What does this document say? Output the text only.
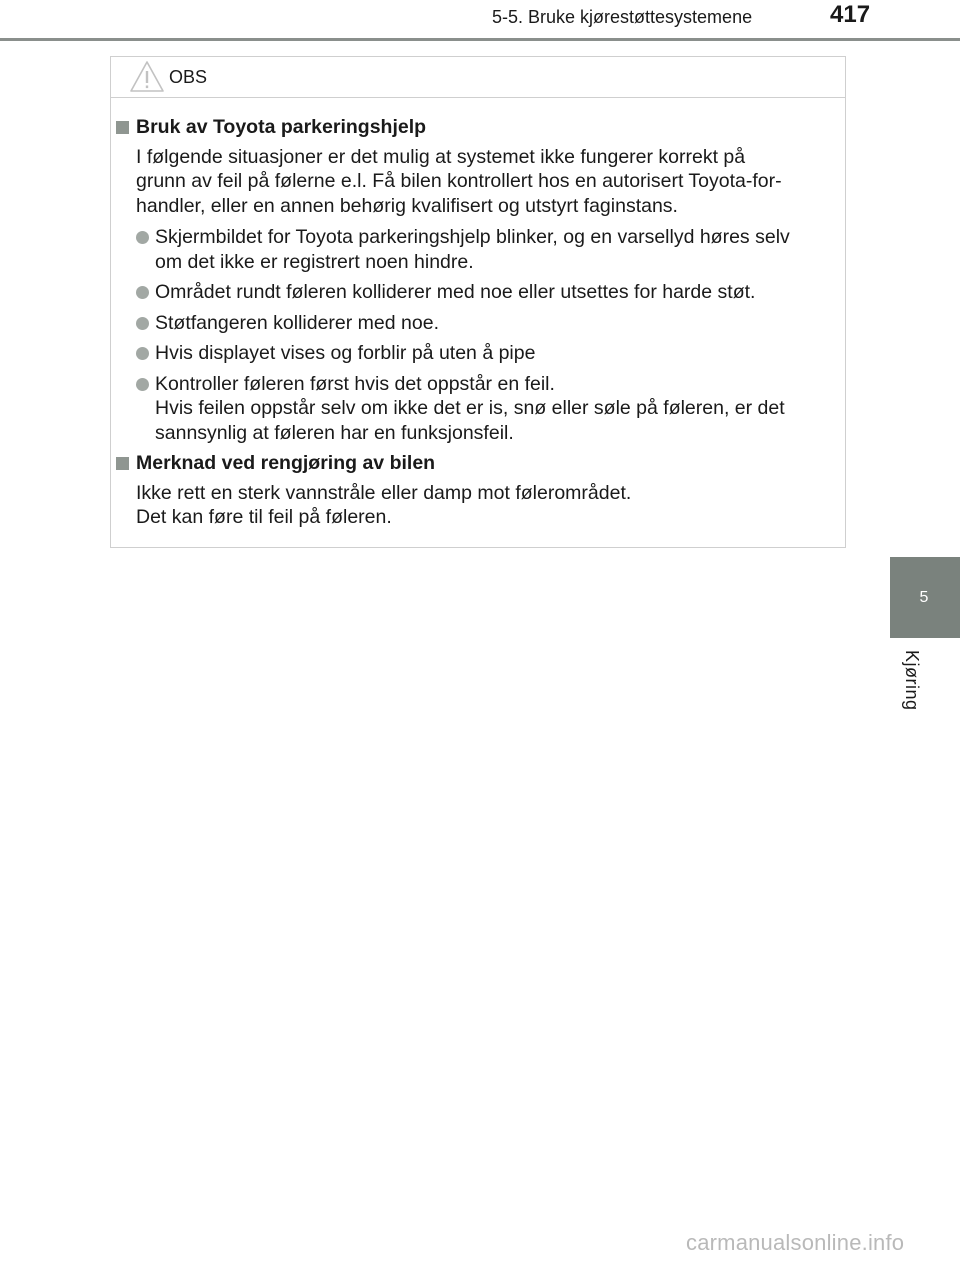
5-5. Bruke kjørestøttesystemene	417
5
Kjøring
OBS
Bruk av Toyota parkeringshjelp
I følgende situasjoner er det mulig at systemet ikke fungerer korrekt på
grunn av feil på følerne e.l. Få bilen kontrollert hos en autorisert Toyota-for-
handler, eller en annen behørig kvalifisert og utstyrt faginstans.
Skjermbildet for Toyota parkeringshjelp blinker, og en varsellyd høres selv
om det ikke er registrert noen hindre.
Området rundt føleren kolliderer med noe eller utsettes for harde støt.
Støtfangeren kolliderer med noe.
Hvis displayet vises og forblir på uten å pipe
Kontroller føleren først hvis det oppstår en feil.
Hvis feilen oppstår selv om ikke det er is, snø eller søle på føleren, er det
sannsynlig at føleren har en funksjonsfeil.
Merknad ved rengjøring av bilen
Ikke rett en sterk vannstråle eller damp mot følerområdet.
Det kan føre til feil på føleren.
carmanualsonline.info
